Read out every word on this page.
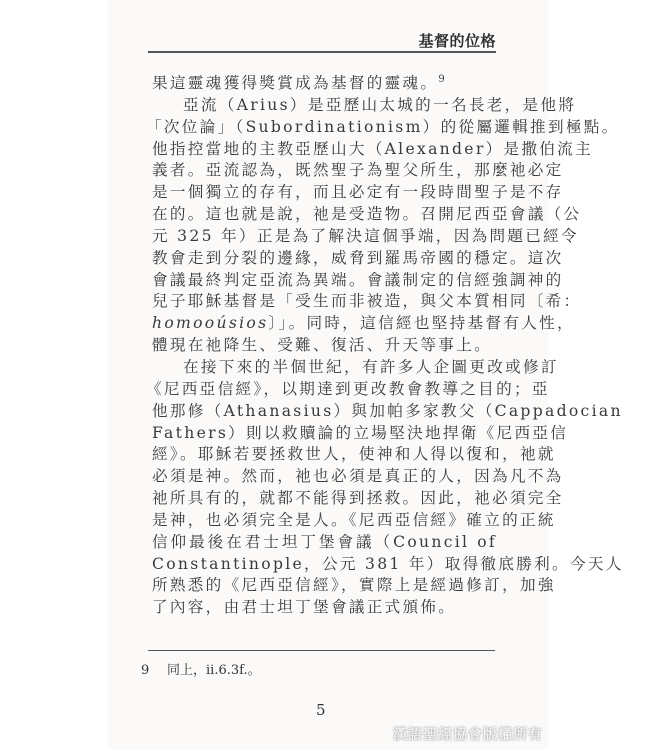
基督的位格
果這靈魂獲得獎賞成為基督的靈魂。$^9$
亞流（Arius）是亞歷山太城的一名長老，是他將
「次位論」（Subordinationism）的從屬邏輯推到極點。
他指控當地的主教亞歷山大（Alexander）是撒伯流主
義者。亞流認為，既然聖子為聖父所生，那麼祂必定
是一個獨立的存有，而且必定有一段時間聖子是不存
在的。這也就是說，祂是受造物。召開尼西亞會議（公
元 325 年）正是為了解決這個爭端，因為問題已經令
教會走到分裂的邊緣，威脅到羅馬帝國的穩定。這次
會議最終判定亞流為異端。會議制定的信經強調神的
兒子耶穌基督是「受生而非被造，與父本質相同〔希：
homooúsios〕」。同時，這信經也堅持基督有人性，
體現在祂降生、受難、復活、升天等事上。
在接下來的半個世紀，有許多人企圖更改或修訂
《尼西亞信經》，以期達到更改教會教導之目的；亞
他那修（Athanasius）與加帕多家教父（Cappadocian
Fathers）則以救贖論的立場堅決地捍衛《尼西亞信
經》。耶穌若要拯救世人，使神和人得以復和，祂就
必須是神。然而，祂也必須是真正的人，因為凡不為
祂所具有的，就都不能得到拯救。因此，祂必須完全
是神，也必須完全是人。《尼西亞信經》確立的正統
信仰最後在君士坦丁堡會議（Council of
Constantinople，公元 381 年）取得徹底勝利。今天人
所熟悉的《尼西亞信經》，實際上是經過修訂，加強
了內容，由君士坦丁堡會議正式頒佈。
9 同上，ii.6.3f.。
5
漢語聖經協會版權所有
